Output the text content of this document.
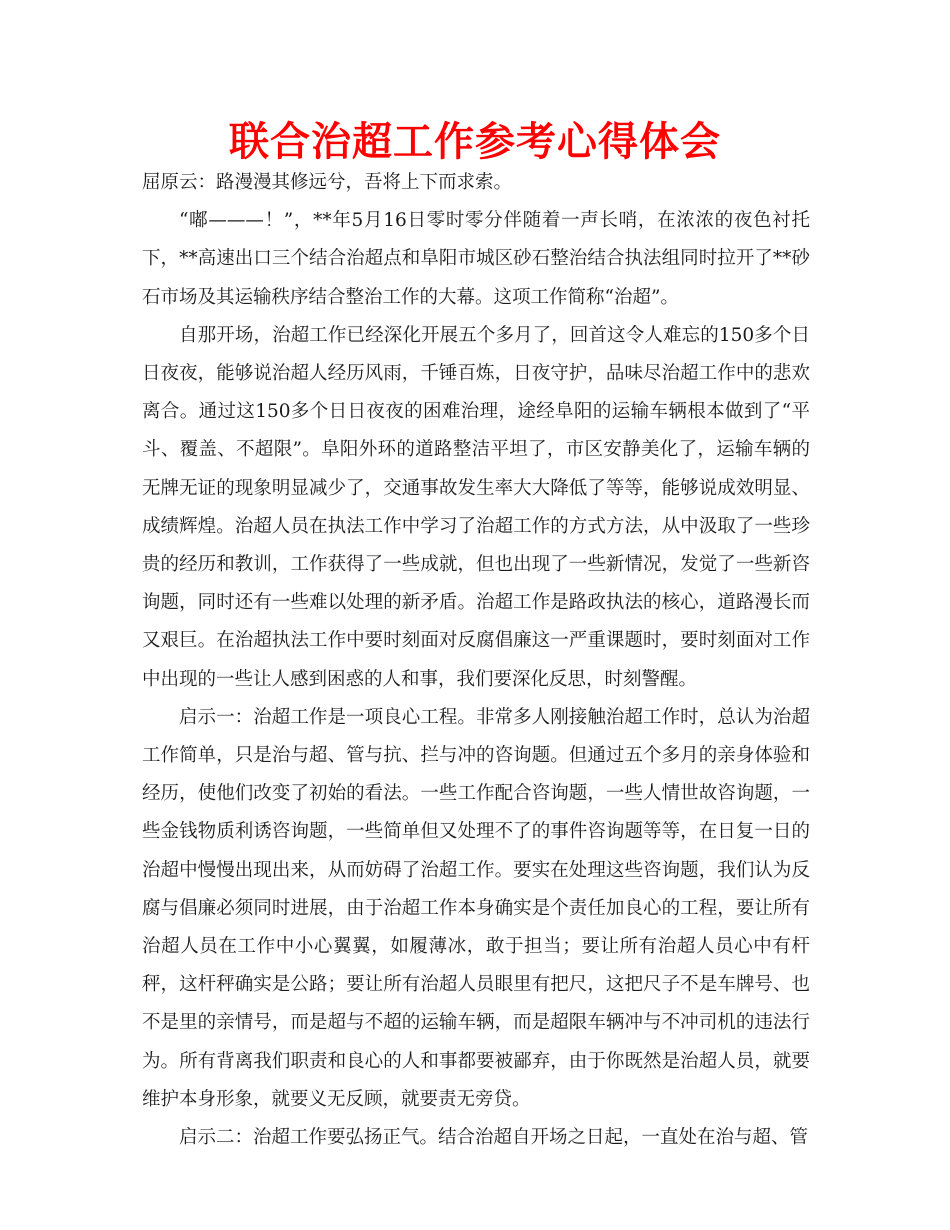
联合治超工作参考心得体会

屈原云：路漫漫其修远兮，吾将上下而求索。

“嘟———！”，**年5月16日零时零分伴随着一声长哨，在浓浓的夜色衬托下，**高速出口三个结合治超点和阜阳市城区砂石整治结合执法组同时拉开了**砂石市场及其运输秩序结合整治工作的大幕。这项工作简称“治超”。

自那开场，治超工作已经深化开展五个多月了，回首这令人难忘的150多个日日夜夜，能够说治超人经历风雨，千锤百炼，日夜守护，品味尽治超工作中的悲欢离合。通过这150多个日日夜夜的困难治理，途经阜阳的运输车辆根本做到了“平斗、覆盖、不超限”。阜阳外环的道路整洁平坦了，市区安静美化了，运输车辆的无牌无证的现象明显减少了，交通事故发生率大大降低了等等，能够说成效明显、成绩辉煌。治超人员在执法工作中学习了治超工作的方式方法，从中汲取了一些珍贵的经历和教训，工作获得了一些成就，但也出现了一些新情况，发觉了一些新咨询题，同时还有一些难以处理的新矛盾。治超工作是路政执法的核心，道路漫长而又艰巨。在治超执法工作中要时刻面对反腐倡廉这一严重课题时，要时刻面对工作中出现的一些让人感到困惑的人和事，我们要深化反思，时刻警醒。

启示一：治超工作是一项良心工程。非常多人刚接触治超工作时，总认为治超工作简单，只是治与超、管与抗、拦与冲的咨询题。但通过五个多月的亲身体验和经历，使他们改变了初始的看法。一些工作配合咨询题，一些人情世故咨询题，一些金钱物质利诱咨询题，一些简单但又处理不了的事件咨询题等等，在日复一日的治超中慢慢出现出来，从而妨碍了治超工作。要实在处理这些咨询题，我们认为反腐与倡廉必须同时进展，由于治超工作本身确实是个责任加良心的工程，要让所有治超人员在工作中小心翼翼，如履薄冰，敢于担当；要让所有治超人员心中有杆秤，这杆秤确实是公路；要让所有治超人员眼里有把尺，这把尺子不是车牌号、也不是里的亲情号，而是超与不超的运输车辆，而是超限车辆冲与不冲司机的违法行为。所有背离我们职责和良心的人和事都要被鄙弃，由于你既然是治超人员，就要维护本身形象，就要义无反顾，就要责无旁贷。

启示二：治超工作要弘扬正气。结合治超自开场之日起，一直处在治与超、管
